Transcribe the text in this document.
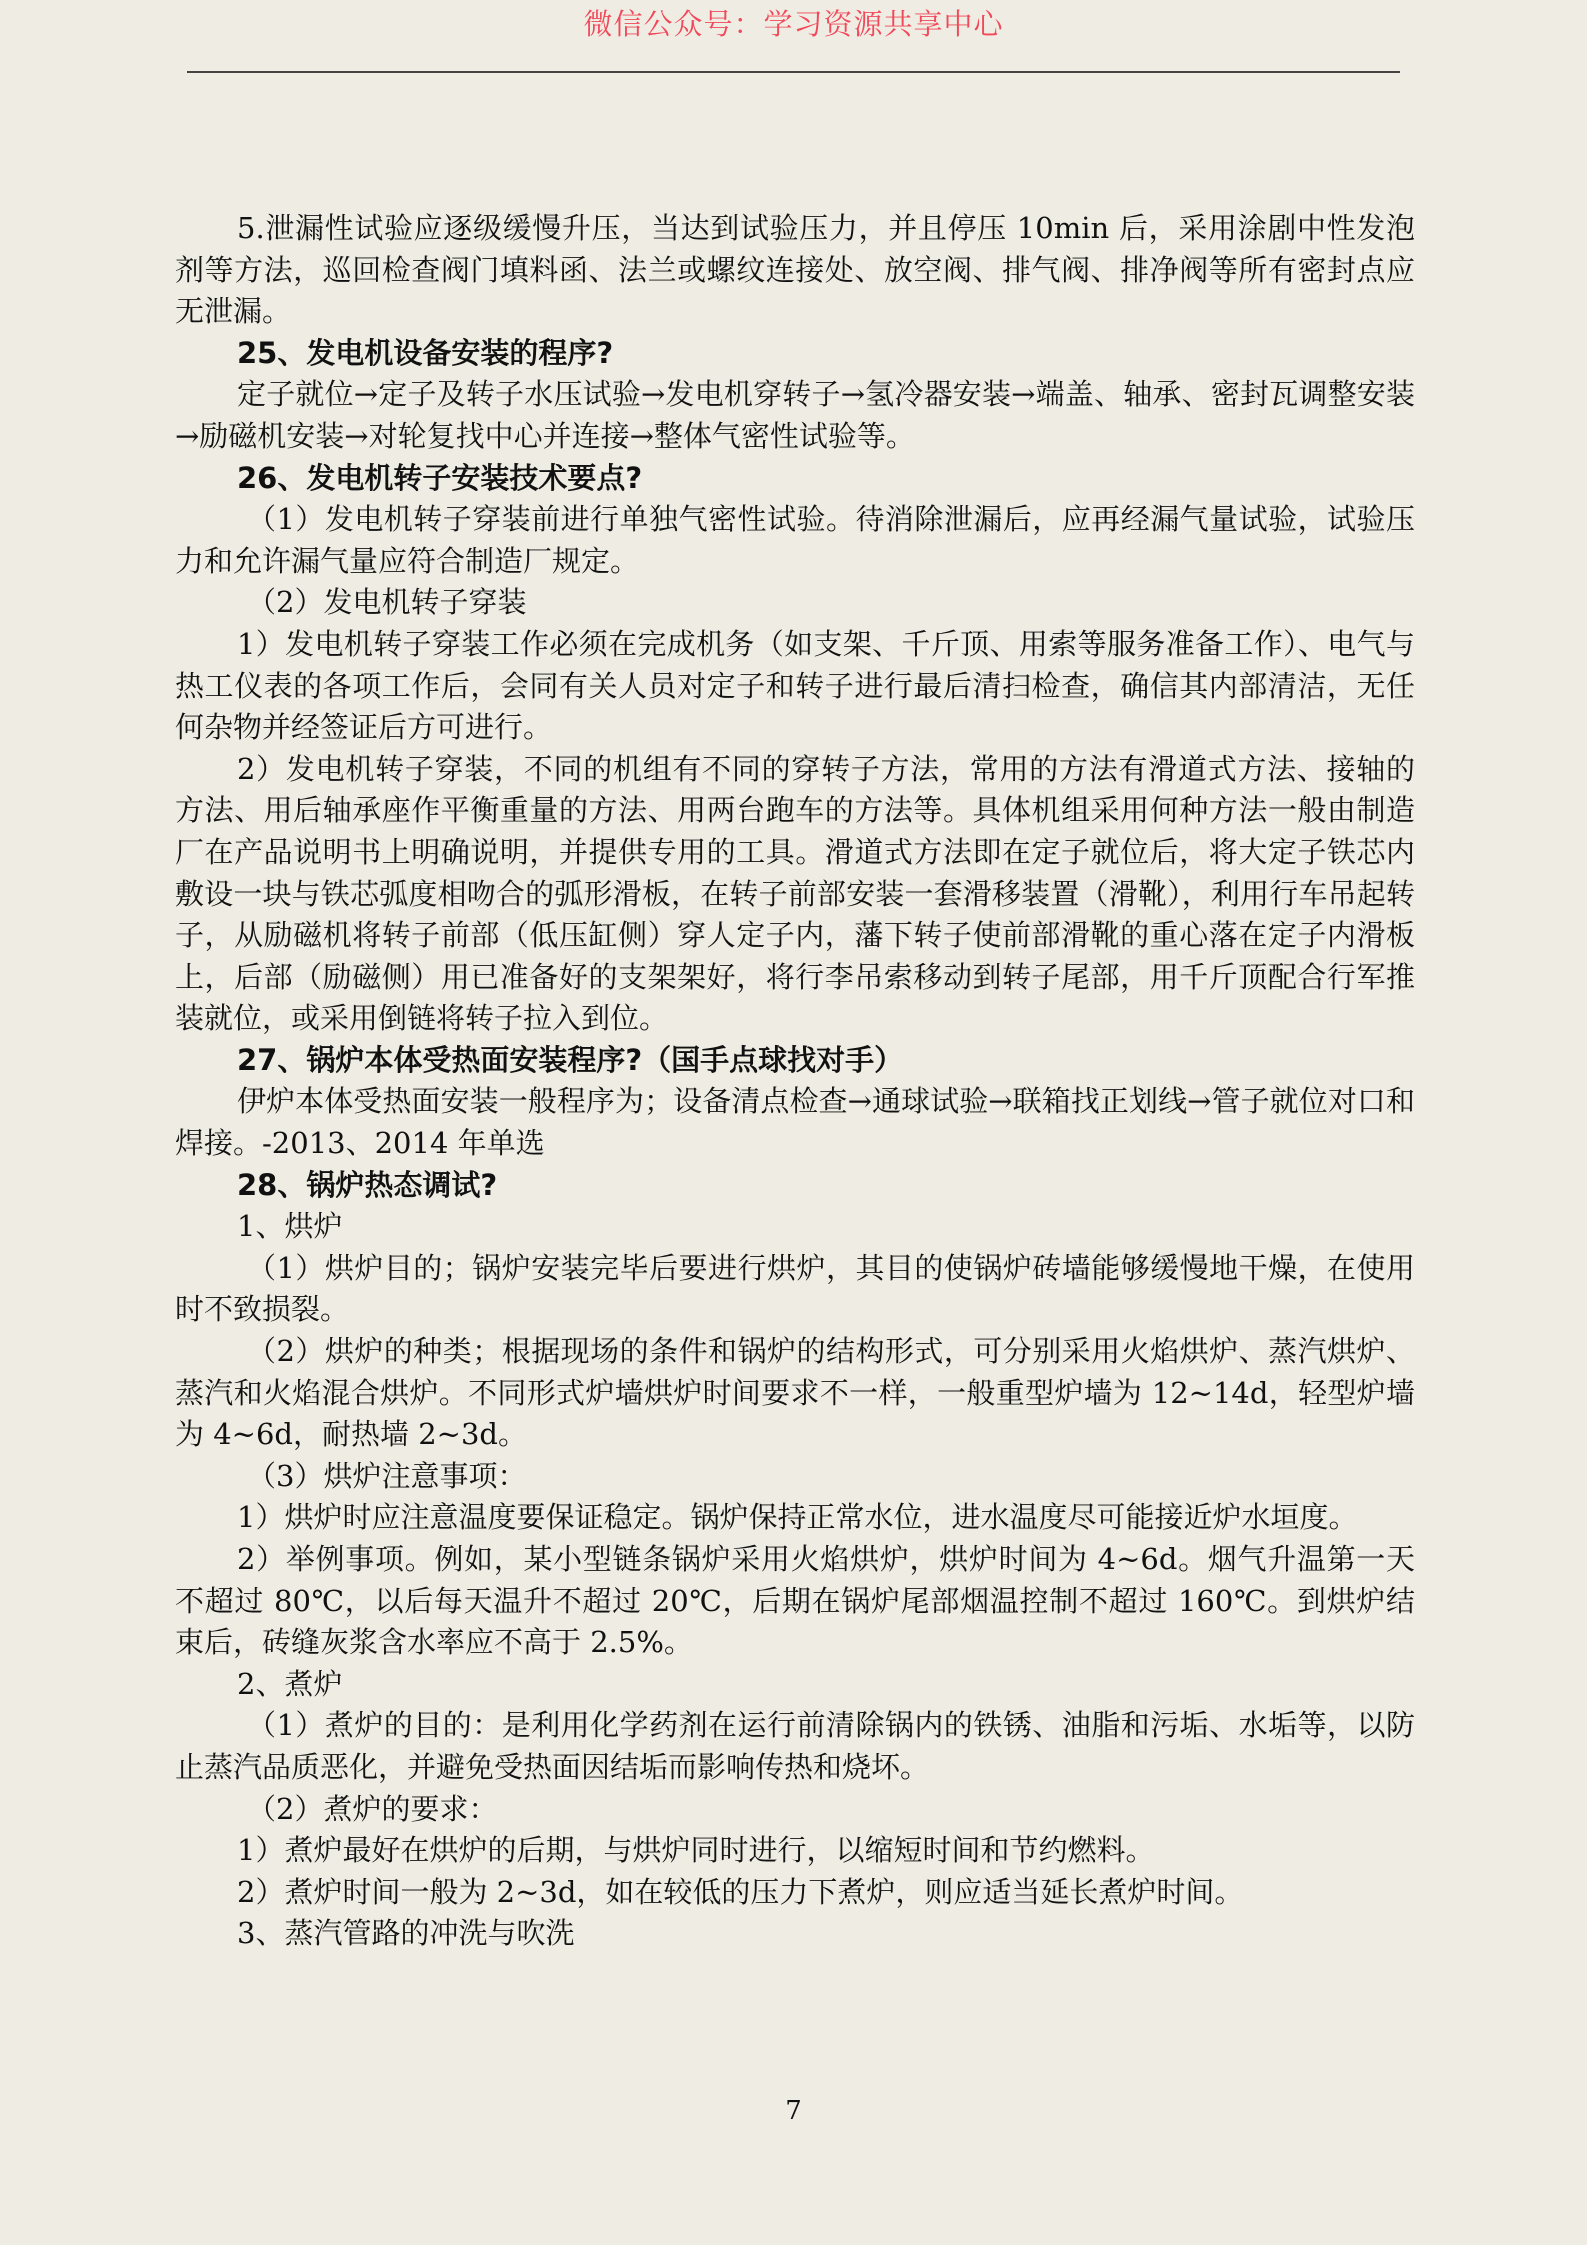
微信公众号：学习资源共享中心

5.泄漏性试验应逐级缓慢升压，当达到试验压力，并且停压 10min 后，采用涂剧中性发泡剂等方法，巡回检查阀门填料函、法兰或螺纹连接处、放空阀、排气阀、排净阀等所有密封点应无泄漏。

25、发电机设备安装的程序?

定子就位→定子及转子水压试验→发电机穿转子→氢冷器安装→端盖、轴承、密封瓦调整安装→励磁机安装→对轮复找中心并连接→整体气密性试验等。

26、发电机转子安装技术要点?

（1）发电机转子穿装前进行单独气密性试验。待消除泄漏后，应再经漏气量试验，试验压力和允许漏气量应符合制造厂规定。

（2）发电机转子穿装

1）发电机转子穿装工作必须在完成机务（如支架、千斤顶、用索等服务准备工作）、电气与热工仪表的各项工作后，会同有关人员对定子和转子进行最后清扫检查，确信其内部清洁，无任何杂物并经签证后方可进行。

2）发电机转子穿装，不同的机组有不同的穿转子方法，常用的方法有滑道式方法、接轴的方法、用后轴承座作平衡重量的方法、用两台跑车的方法等。具体机组采用何种方法一般由制造厂在产品说明书上明确说明，并提供专用的工具。滑道式方法即在定子就位后，将大定子铁芯内敷设一块与铁芯弧度相吻合的弧形滑板，在转子前部安装一套滑移装置（滑靴），利用行车吊起转子，从励磁机将转子前部（低压缸侧）穿人定子内，藩下转子使前部滑靴的重心落在定子内滑板上，后部（励磁侧）用已准备好的支架架好，将行李吊索移动到转子尾部，用千斤顶配合行军推装就位，或采用倒链将转子拉入到位。

27、锅炉本体受热面安装程序?（国手点球找对手）

伊炉本体受热面安装一般程序为；设备清点检查→通球试验→联箱找正划线→管子就位对口和焊接。-2013、2014 年单选

28、锅炉热态调试?

1、烘炉

（1）烘炉目的；锅炉安装完毕后要进行烘炉，其目的使锅炉砖墙能够缓慢地干燥，在使用时不致损裂。

（2）烘炉的种类；根据现场的条件和锅炉的结构形式，可分别采用火焰烘炉、蒸汽烘炉、蒸汽和火焰混合烘炉。不同形式炉墙烘炉时间要求不一样，一般重型炉墙为 12~14d，轻型炉墙为 4~6d，耐热墙 2~3d。

（3）烘炉注意事项：

1）烘炉时应注意温度要保证稳定。锅炉保持正常水位，进水温度尽可能接近炉水垣度。

2）举例事项。例如，某小型链条锅炉采用火焰烘炉，烘炉时间为 4~6d。烟气升温第一天不超过 80℃，以后每天温升不超过 20℃，后期在锅炉尾部烟温控制不超过 160℃。到烘炉结束后，砖缝灰浆含水率应不高于 2.5%。

2、煮炉

（1）煮炉的目的：是利用化学药剂在运行前清除锅内的铁锈、油脂和污垢、水垢等，以防止蒸汽品质恶化，并避免受热面因结垢而影响传热和烧坏。

（2）煮炉的要求：

1）煮炉最好在烘炉的后期，与烘炉同时进行，以缩短时间和节约燃料。

2）煮炉时间一般为 2~3d，如在较低的压力下煮炉，则应适当延长煮炉时间。

3、蒸汽管路的冲洗与吹洗

7
